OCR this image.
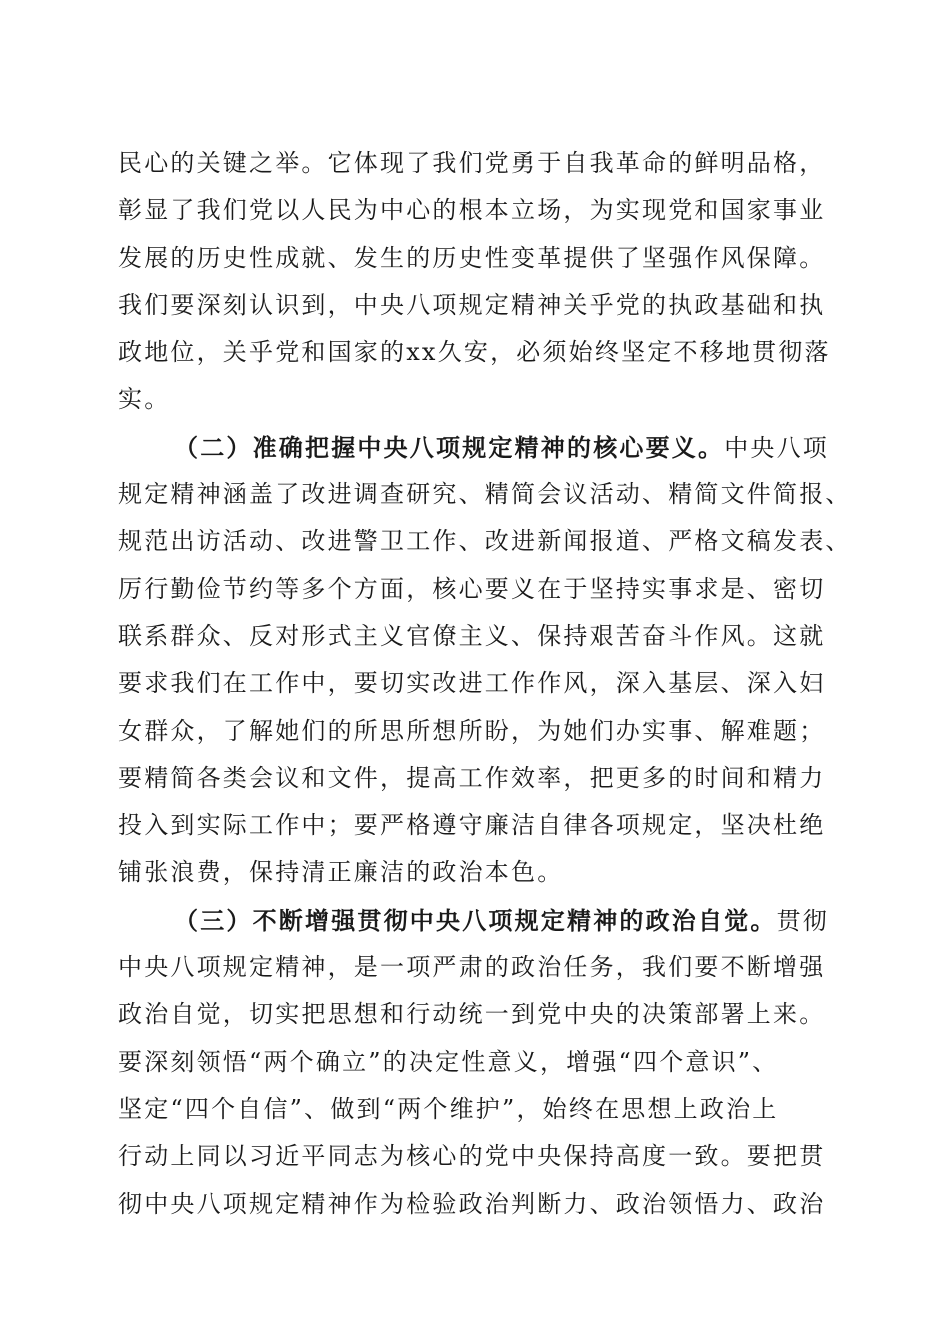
民心的关键之举。它体现了我们党勇于自我革命的鲜明品格，
彰显了我们党以人民为中心的根本立场，为实现党和国家事业
发展的历史性成就、发生的历史性变革提供了坚强作风保障。
我们要深刻认识到，中央八项规定精神关乎党的执政基础和执
政地位，关乎党和国家的xx久安，必须始终坚定不移地贯彻落
实。
（二）准确把握中央八项规定精神的核心要义。中央八项
规定精神涵盖了改进调查研究、精简会议活动、精简文件简报、
规范出访活动、改进警卫工作、改进新闻报道、严格文稿发表、
厉行勤俭节约等多个方面，核心要义在于坚持实事求是、密切
联系群众、反对形式主义官僚主义、保持艰苦奋斗作风。这就
要求我们在工作中，要切实改进工作作风，深入基层、深入妇
女群众，了解她们的所思所想所盼，为她们办实事、解难题；
要精简各类会议和文件，提高工作效率，把更多的时间和精力
投入到实际工作中；要严格遵守廉洁自律各项规定，坚决杜绝
铺张浪费，保持清正廉洁的政治本色。
（三）不断增强贯彻中央八项规定精神的政治自觉。贯彻
中央八项规定精神，是一项严肃的政治任务，我们要不断增强
政治自觉，切实把思想和行动统一到党中央的决策部署上来。
要深刻领悟“两个确立”的决定性意义，增强“四个意识”、
坚定“四个自信”、做到“两个维护”，始终在思想上政治上
行动上同以习近平同志为核心的党中央保持高度一致。要把贯
彻中央八项规定精神作为检验政治判断力、政治领悟力、政治
